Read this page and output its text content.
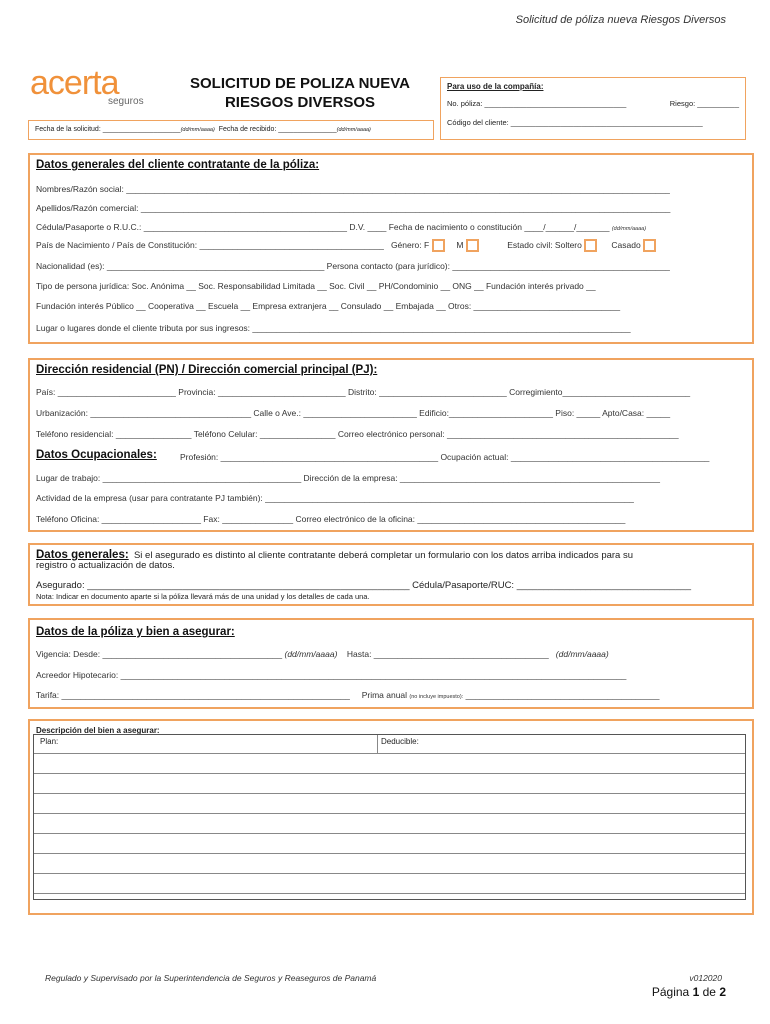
Solicitud de póliza nueva Riesgos Diversos
acerta
seguros
SOLICITUD DE POLIZA NUEVA
RIESGOS DIVERSOS
Para uso de la compañía:
No. póliza: __________________________________	Riesgo: __________
Código del cliente: ______________________________________________
Fecha de la solicitud: ____________________(dd/mm/aaaa) Fecha de recibido: _______________(dd/mm/aaaa)
Datos generales del cliente contratante de la póliza:
Nombres/Razón social: ___________________________________________________________________________________________________________________
Apellidos/Razón comercial: ________________________________________________________________________________________________________________
Cédula/Pasaporte o R.U.C.: ___________________________________________ D.V. ____ Fecha de nacimiento o constitución ____/______/_______ (dd/mm/aaaa)
País de Nacimiento / País de Constitución: _______________________________________ Género: F	M	Estado civil: Soltero	Casado
Nacionalidad (es): ______________________________________________ Persona contacto (para jurídico): ______________________________________________
Tipo de persona jurídica: Soc. Anónima __ Soc. Responsabilidad Limitada __ Soc. Civil __ PH/Condominio __ ONG __ Fundación interés privado __
Fundación interés Público __ Cooperativa __ Escuela __ Empresa extranjera __ Consulado __ Embajada __ Otros: _______________________________
Lugar o lugares donde el cliente tributa por sus ingresos: ________________________________________________________________________________
Dirección residencial (PN) / Dirección comercial principal (PJ):
País: _________________________ Provincia: ___________________________ Distrito: ___________________________ Corregimiento___________________________
Urbanización: __________________________________ Calle o Ave.: ________________________ Edificio:______________________ Piso: _____ Apto/Casa: _____
Teléfono residencial: ________________ Teléfono Celular: ________________ Correo electrónico personal: _________________________________________________
Datos Ocupacionales:	Profesión: ______________________________________________ Ocupación actual: __________________________________________
Lugar de trabajo: __________________________________________ Dirección de la empresa: _______________________________________________________
Actividad de la empresa (usar para contratante PJ también): ______________________________________________________________________________
Teléfono Oficina: _____________________ Fax: _______________ Correo electrónico de la oficina: ____________________________________________
Datos generales: Si el asegurado es distinto al cliente contratante deberá completar un formulario con los datos arriba indicados para su
registro o actualización de datos.
Asegurado: _____________________________________________________________ Cédula/Pasaporte/RUC: _________________________________
Nota: Indicar en documento aparte si la póliza llevará más de una unidad y los detalles de cada una.
Datos de la póliza y bien a asegurar:
Vigencia: Desde: ______________________________________ (dd/mm/aaaa) Hasta: _____________________________________ (dd/mm/aaaa)
Acreedor Hipotecario: ___________________________________________________________________________________________________________
Tarifa: _____________________________________________________________ Prima anual (no incluye impuesto): _________________________________________
Descripción del bien a asegurar:
Plan:	Deducible:
Regulado y Supervisado por la Superintendencia de Seguros y Reaseguros de Panamá	v012020
Página 1 de 2
